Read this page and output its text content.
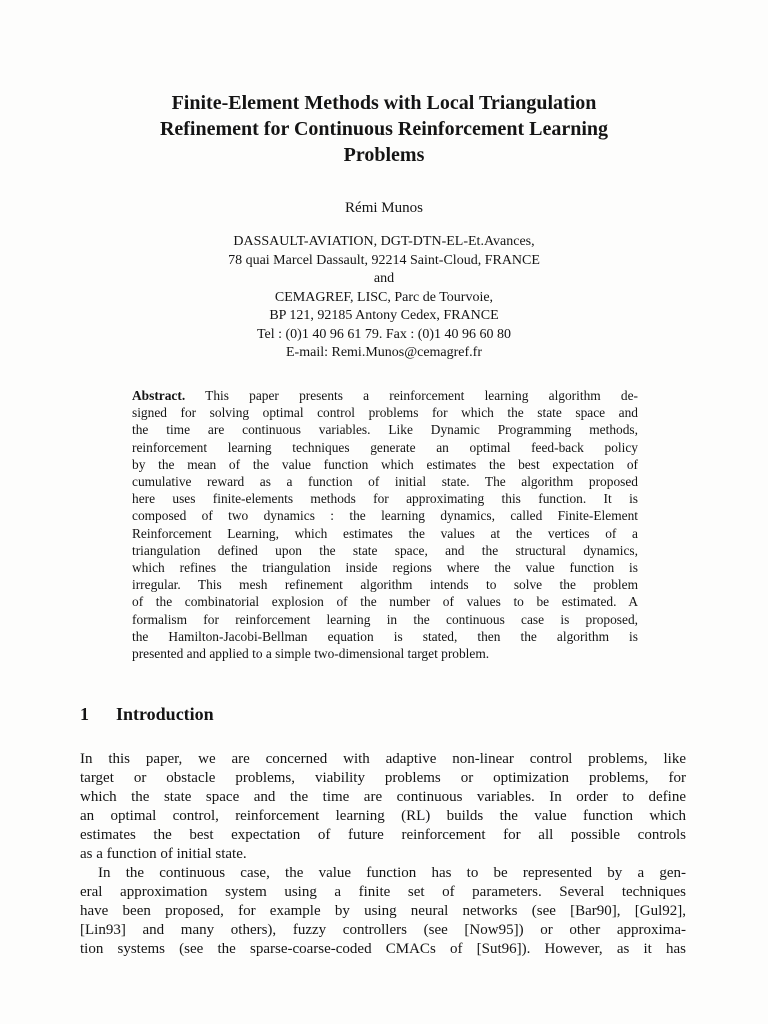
Finite-Element Methods with Local Triangulation
Refinement for Continuous Reinforcement Learning
Problems
Rémi Munos
DASSAULT-AVIATION, DGT-DTN-EL-Et.Avances,
78 quai Marcel Dassault, 92214 Saint-Cloud, FRANCE
and
CEMAGREF, LISC, Parc de Tourvoie,
BP 121, 92185 Antony Cedex, FRANCE
Tel : (0)1 40 96 61 79. Fax : (0)1 40 96 60 80
E-mail: Remi.Munos@cemagref.fr
Abstract. This paper presents a reinforcement learning algorithm de-
signed for solving optimal control problems for which the state space and
the time are continuous variables. Like Dynamic Programming methods,
reinforcement learning techniques generate an optimal feed-back policy
by the mean of the value function which estimates the best expectation of
cumulative reward as a function of initial state. The algorithm proposed
here uses finite-elements methods for approximating this function. It is
composed of two dynamics : the learning dynamics, called Finite-Element
Reinforcement Learning, which estimates the values at the vertices of a
triangulation defined upon the state space, and the structural dynamics,
which refines the triangulation inside regions where the value function is
irregular. This mesh refinement algorithm intends to solve the problem
of the combinatorial explosion of the number of values to be estimated. A
formalism for reinforcement learning in the continuous case is proposed,
the Hamilton-Jacobi-Bellman equation is stated, then the algorithm is
presented and applied to a simple two-dimensional target problem.
1 Introduction
In this paper, we are concerned with adaptive non-linear control problems, like
target or obstacle problems, viability problems or optimization problems, for
which the state space and the time are continuous variables. In order to define
an optimal control, reinforcement learning (RL) builds the value function which
estimates the best expectation of future reinforcement for all possible controls
as a function of initial state.
In the continuous case, the value function has to be represented by a gen-
eral approximation system using a finite set of parameters. Several techniques
have been proposed, for example by using neural networks (see [Bar90], [Gul92],
[Lin93] and many others), fuzzy controllers (see [Now95]) or other approxima-
tion systems (see the sparse-coarse-coded CMACs of [Sut96]). However, as it has
